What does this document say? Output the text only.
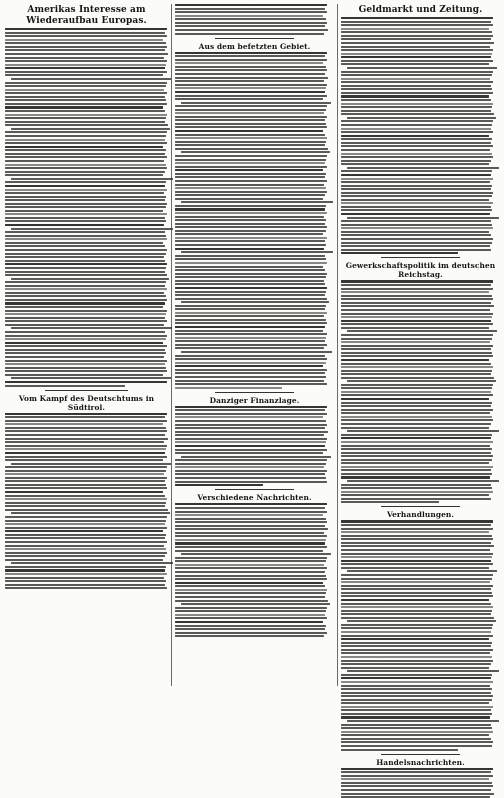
Amerikas Interesse am Wiederaufbau Europas.
Vom Kampf des Deutschtums in Südtirol.
Aus dem befetzten Gebiet.
Danziger Finanzlage.
Verschiedene Nachrichten.
Geldmarkt und Zeitung.
Gewerkschaftspolitik im deutschen Reichstag.
Verhandlungen.
Handelsnachrichten.
